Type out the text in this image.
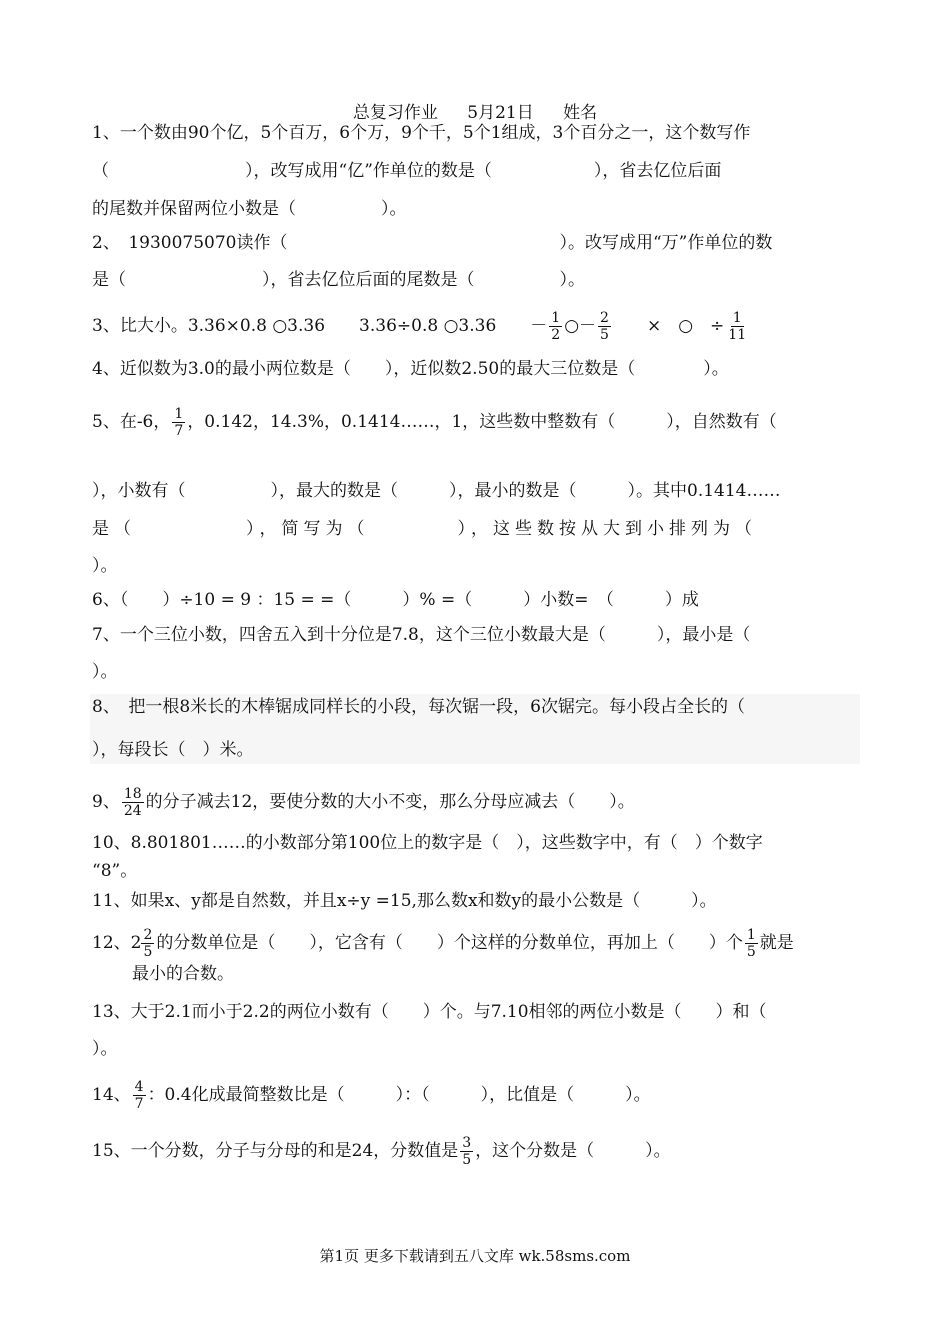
总复习作业 5月21日 姓名
1、一个数由90个亿，5个百万，6个万，9个千，5个1组成，3个百分之一，这个数写作
（　　　　　　　　），改写成用“亿”作单位的数是（　　　　　　），省去亿位后面
的尾数并保留两位小数是（　　　　　）。
2、　1930075070读作（　　　　　　　　　　　　　　　　）。改写成用“万”作单位的数
是（　　　　　　　　），省去亿位后面的尾数是（　　　　　）。
3、比大小。3.36×0.8 ○3.36　　3.36÷0.8 ○3.36　　－ $\frac{1}{2}$ ○－ $\frac{2}{5}$ 　　×　○　÷ $\frac{1}{11}$
4、近似数为3.0的最小两位数是（　　），近似数2.50的最大三位数是（　　　　）。
5、在-6， $\frac{1}{7}$ ，0.142，14.3%，0.1414……，1，这些数中整数有（　　　），自然数有（
），小数有（　　　　　），最大的数是（　　　），最小的数是（　　　）。其中0.1414……
是（　　　　　），简写为（　　　　），这些数按从大到小排列为（
）。
6、（　　）÷10 = 9 ：15 = =（　　　）% =（　　　）小数=　（　　　）成
7、一个三位小数，四舍五入到十分位是7.8，这个三位小数最大是（　　　），最小是（
）。
8、　把一根8米长的木棒锯成同样长的小段，每次锯一段，6次锯完。每小段占全长的（
），每段长（　）米。
9、 $\frac{18}{24}$ 的分子减去12，要使分数的大小不变，那么分母应减去（　　）。
10、8.801801……的小数部分第100位上的数字是（　），这些数字中，有（　）个数字
“8”。
11、如果x、y都是自然数，并且x÷y =15,那么数x和数y的最小公数是（　　　）。
12、$2 \frac{2}{5}$ 的分数单位是（　　），它含有（　　）个这样的分数单位，再加上（　　）个 $\frac{1}{5}$ 就是
最小的合数。
13、大于2.1而小于2.2的两位小数有（　　）个。与7.10相邻的两位小数是（　　）和（
）。
14、 $\frac{4}{7}$ ：0.4化成最简整数比是（　　　）：（　　　），比值是（　　　）。
15、一个分数，分子与分母的和是24，分数值是 $\frac{3}{5}$ ，这个分数是（　　　）。
第1页 更多下载请到五八文库 wk.58sms.com
